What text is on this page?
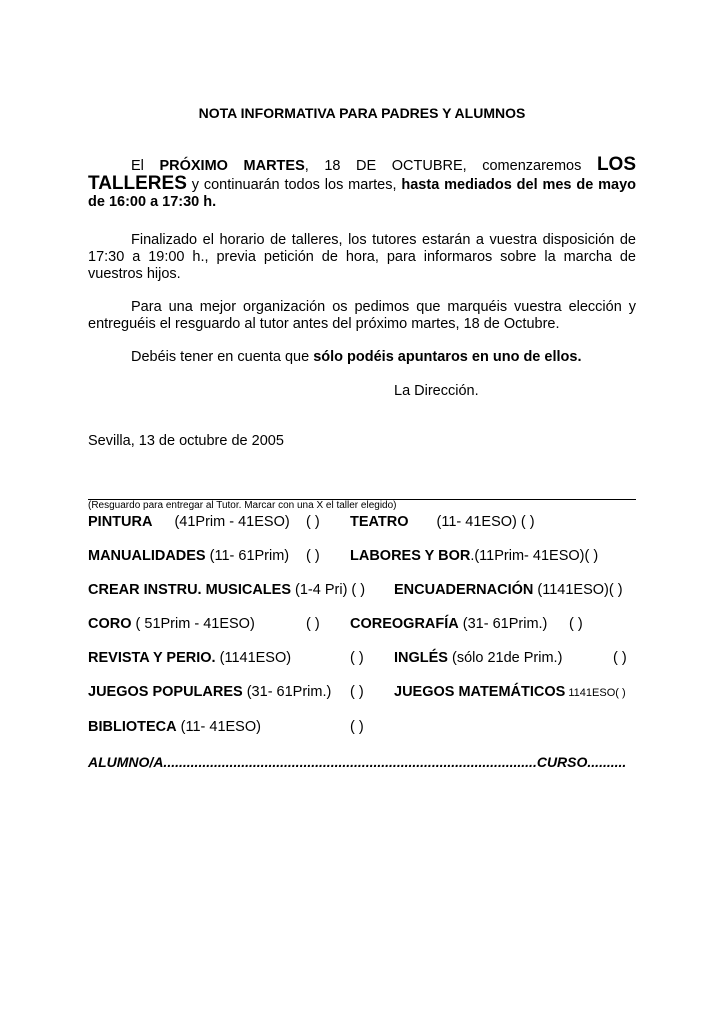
NOTA INFORMATIVA PARA PADRES Y ALUMNOS
El PRÓXIMO MARTES, 18 DE OCTUBRE, comenzaremos LOS TALLERES y continuarán todos los martes, hasta mediados del mes de mayo de 16:00 a 17:30 h.
Finalizado el horario de talleres, los tutores estarán a vuestra disposición de 17:30 a 19:00 h., previa petición de hora, para informaros sobre la marcha de vuestros hijos.
Para una mejor organización os pedimos que marquéis vuestra elección y entreguéis el resguardo al tutor antes del próximo martes, 18 de Octubre.
Debéis tener en cuenta que sólo podéis apuntaros en uno de ellos.
La Dirección.
Sevilla, 13 de octubre de 2005
(Resguardo para entregar al Tutor. Marcar con una X el taller elegido)
PINTURA (41Prim - 41ESO) ( ) TEATRO (11- 41ESO) ( )
MANUALIDADES (11- 61Prim) ( ) LABORES Y BOR.(11Prim- 41ESO)( )
CREAR INSTRU. MUSICALES (1-4 Pri) ( ) ENCUADERNACIÓN (1141ESO)( )
CORO ( 51Prim - 41ESO)	( ) COREOGRAFÍA (31- 61Prim.) ( )
REVISTA Y PERIO. (1141ESO)	( ) INGLÉS (sólo 21de Prim.)	( )
JUEGOS POPULARES (31- 61Prim.) ( ) JUEGOS MATEMÁTICOS 1141ESO( )
BIBLIOTECA (11- 41ESO)	( )
ALUMNO/A................................................................................................CURSO..........
